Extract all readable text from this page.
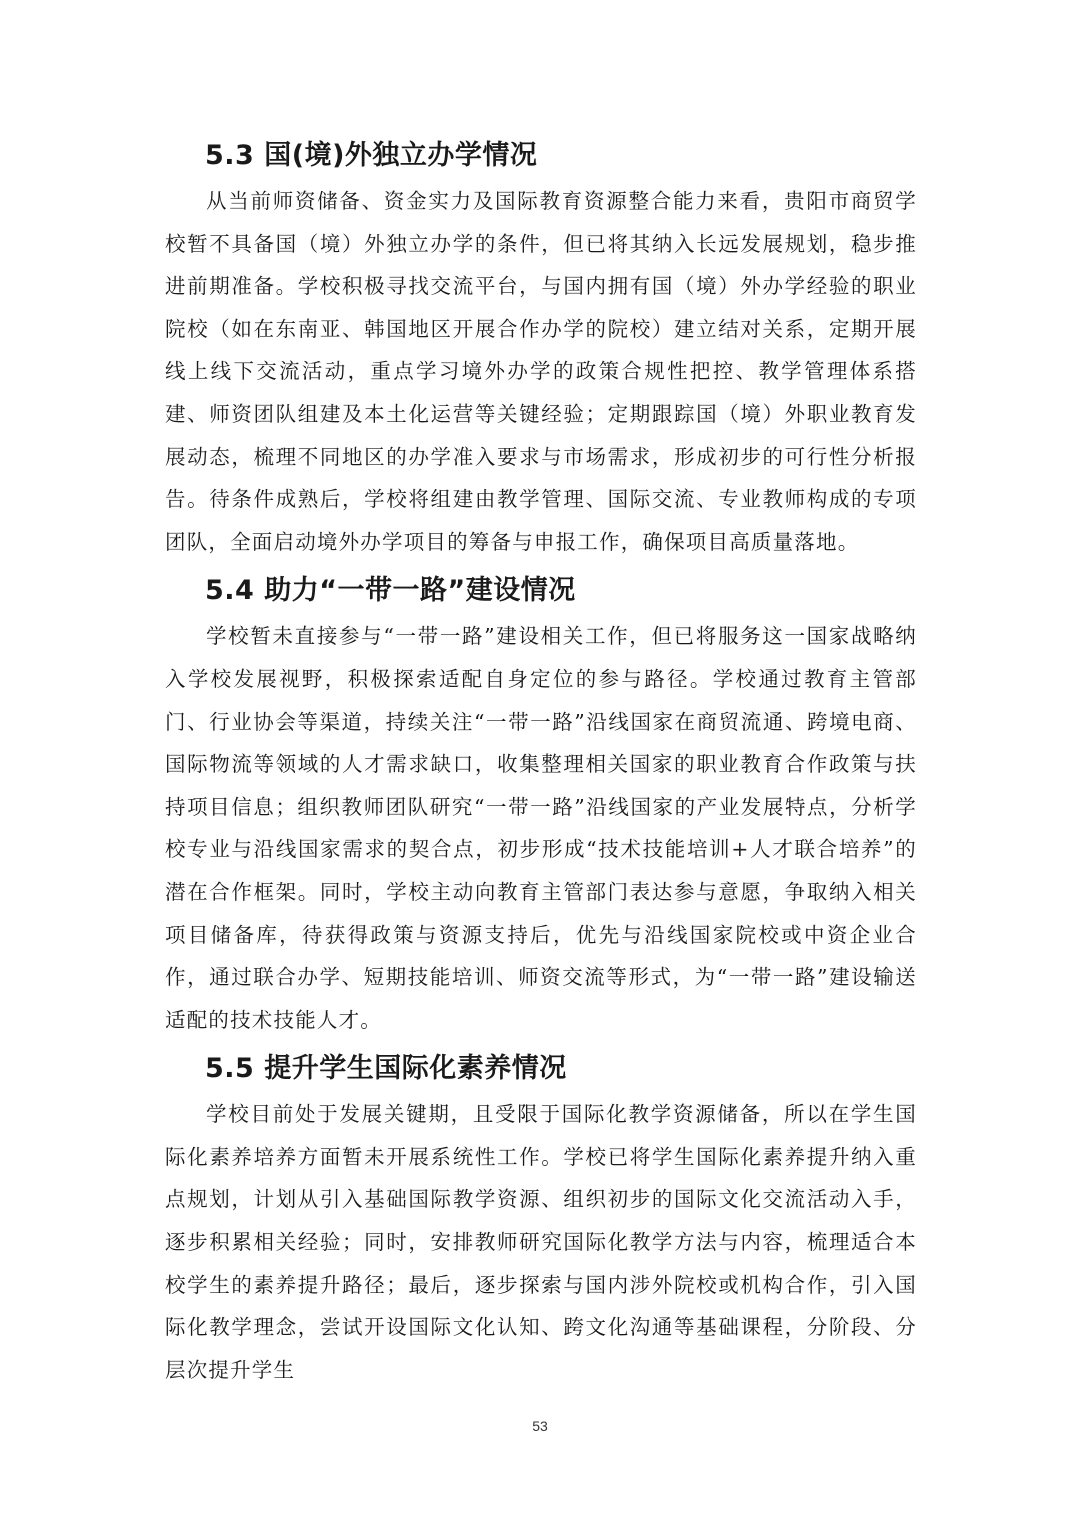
5.3 国(境)外独立办学情况

从当前师资储备、资金实力及国际教育资源整合能力来看，贵阳市商贸学校暂不具备国（境）外独立办学的条件，但已将其纳入长远发展规划，稳步推进前期准备。学校积极寻找交流平台，与国内拥有国（境）外办学经验的职业院校（如在东南亚、韩国地区开展合作办学的院校）建立结对关系，定期开展线上线下交流活动，重点学习境外办学的政策合规性把控、教学管理体系搭建、师资团队组建及本土化运营等关键经验；定期跟踪国（境）外职业教育发展动态，梳理不同地区的办学准入要求与市场需求，形成初步的可行性分析报告。待条件成熟后，学校将组建由教学管理、国际交流、专业教师构成的专项团队，全面启动境外办学项目的筹备与申报工作，确保项目高质量落地。

5.4 助力“一带一路”建设情况

学校暂未直接参与“一带一路”建设相关工作，但已将服务这一国家战略纳入学校发展视野，积极探索适配自身定位的参与路径。学校通过教育主管部门、行业协会等渠道，持续关注“一带一路”沿线国家在商贸流通、跨境电商、国际物流等领域的人才需求缺口，收集整理相关国家的职业教育合作政策与扶持项目信息；组织教师团队研究“一带一路”沿线国家的产业发展特点，分析学校专业与沿线国家需求的契合点，初步形成“技术技能培训+人才联合培养”的潜在合作框架。同时，学校主动向教育主管部门表达参与意愿，争取纳入相关项目储备库，待获得政策与资源支持后，优先与沿线国家院校或中资企业合作，通过联合办学、短期技能培训、师资交流等形式，为“一带一路”建设输送适配的技术技能人才。

5.5 提升学生国际化素养情况

学校目前处于发展关键期，且受限于国际化教学资源储备，所以在学生国际化素养培养方面暂未开展系统性工作。学校已将学生国际化素养提升纳入重点规划，计划从引入基础国际教学资源、组织初步的国际文化交流活动入手，逐步积累相关经验；同时，安排教师研究国际化教学方法与内容，梳理适合本校学生的素养提升路径；最后，逐步探索与国内涉外院校或机构合作，引入国际化教学理念，尝试开设国际文化认知、跨文化沟通等基础课程，分阶段、分层次提升学生

53
